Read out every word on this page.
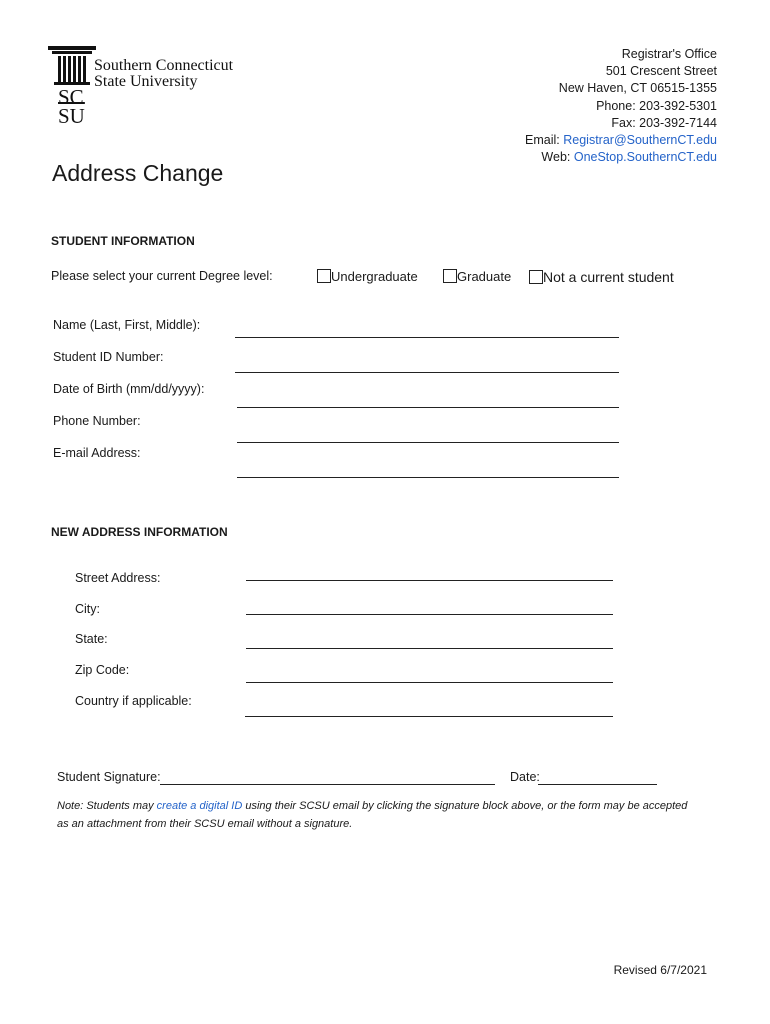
Southern Connecticut
State University
SC
$\overline{SU}$
Registrar's Office
501 Crescent Street
New Haven, CT 06515-1355
Phone: 203-392-5301
Fax: 203-392-7144
Email: Registrar@SouthernCT.edu
Web: OneStop.SouthernCT.edu
Address Change
STUDENT INFORMATION
Please select your current Degree level:	Undergraduate	Graduate	Not a current student
Name (Last, First, Middle):
Student ID Number:
Date of Birth (mm/dd/yyyy):
Phone Number:
E-mail Address:
NEW ADDRESS INFORMATION
Street Address:
City:
State:
Zip Code:
Country if applicable:
Student Signature:	Date:
Note: Students may create a digital ID using their SCSU email by clicking the signature block above, or the form may be accepted as an attachment from their SCSU email without a signature.
Revised 6/7/2021
